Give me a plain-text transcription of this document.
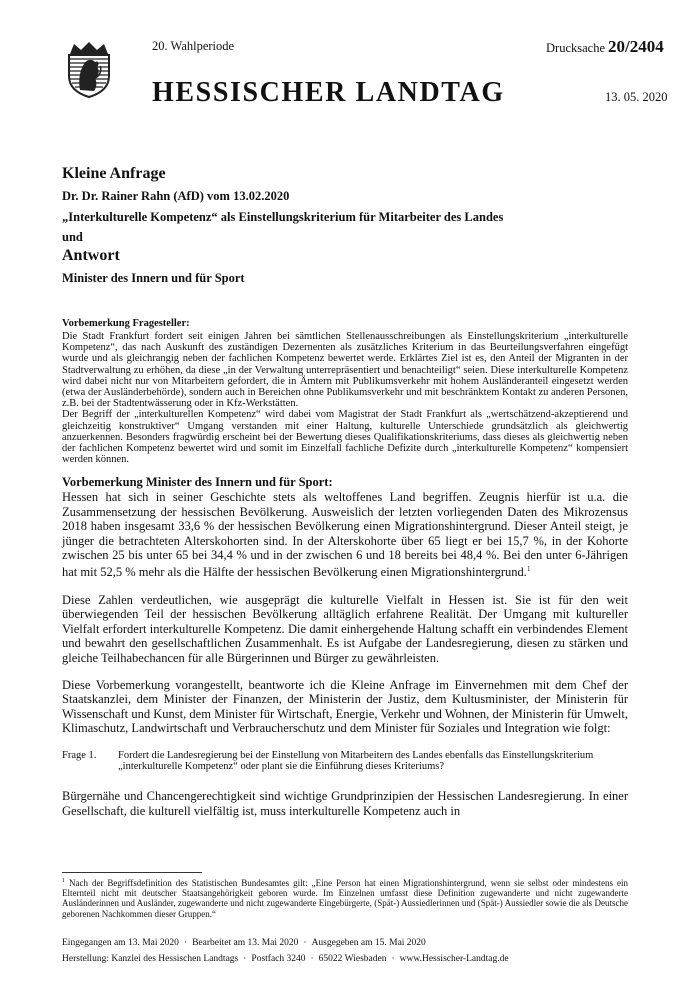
20. Wahlperiode	Drucksache 20/2404
HESSISCHER LANDTAG	13. 05. 2020

Kleine Anfrage

Dr. Dr. Rainer Rahn (AfD) vom 13.02.2020

„Interkulturelle Kompetenz“ als Einstellungskriterium für Mitarbeiter des Landes

und

Antwort

Minister des Innern und für Sport

Vorbemerkung Fragesteller:

Die Stadt Frankfurt fordert seit einigen Jahren bei sämtlichen Stellenausschreibungen als Einstellungskriterium „interkulturelle Kompetenz“, das nach Auskunft des zuständigen Dezernenten als zusätzliches Kriterium in das Beurteilungsverfahren eingefügt wurde und als gleichrangig neben der fachlichen Kompetenz bewertet werde. Erklärtes Ziel ist es, den Anteil der Migranten in der Stadtverwaltung zu erhöhen, da diese „in der Verwaltung unterrepräsentiert und benachteiligt“ seien. Diese interkulturelle Kompetenz wird dabei nicht nur von Mitarbeitern gefordert, die in Ämtern mit Publikumsverkehr mit hohem Ausländeranteil eingesetzt werden (etwa der Ausländerbehörde), sondern auch in Bereichen ohne Publikumsverkehr und mit beschränktem Kontakt zu anderen Personen, z.B. bei der Stadtentwässerung oder in Kfz-Werkstätten.

Der Begriff der „interkulturellen Kompetenz“ wird dabei vom Magistrat der Stadt Frankfurt als „wertschätzend-akzeptierend und gleichzeitig konstruktiver“ Umgang verstanden mit einer Haltung, kulturelle Unterschiede grundsätzlich als gleichwertig anzuerkennen. Besonders fragwürdig erscheint bei der Bewertung dieses Qualifikationskriteriums, dass dieses als gleichwertig neben der fachlichen Kompetenz bewertet wird und somit im Einzelfall fachliche Defizite durch „interkulturelle Kompetenz“ kompensiert werden können.

Vorbemerkung Minister des Innern und für Sport:

Hessen hat sich in seiner Geschichte stets als weltoffenes Land begriffen. Zeugnis hierfür ist u.a. die Zusammensetzung der hessischen Bevölkerung. Ausweislich der letzten vorliegenden Daten des Mikrozensus 2018 haben insgesamt 33,6 % der hessischen Bevölkerung einen Migrationshintergrund. Dieser Anteil steigt, je jünger die betrachteten Alterskohorten sind. In der Alterskohorte über 65 liegt er bei 15,7 %, in der Kohorte zwischen 25 bis unter 65 bei 34,4 % und in der zwischen 6 und 18 bereits bei 48,4 %. Bei den unter 6-Jährigen hat mit 52,5 % mehr als die Hälfte der hessischen Bevölkerung einen Migrationshintergrund.$^1$

Diese Zahlen verdeutlichen, wie ausgeprägt die kulturelle Vielfalt in Hessen ist. Sie ist für den weit überwiegenden Teil der hessischen Bevölkerung alltäglich erfahrene Realität. Der Umgang mit kultureller Vielfalt erfordert interkulturelle Kompetenz. Die damit einhergehende Haltung schafft ein verbindendes Element und bewahrt den gesellschaftlichen Zusammenhalt. Es ist Aufgabe der Landesregierung, diesen zu stärken und gleiche Teilhabechancen für alle Bürgerinnen und Bürger zu gewährleisten.

Diese Vorbemerkung vorangestellt, beantworte ich die Kleine Anfrage im Einvernehmen mit dem Chef der Staatskanzlei, dem Minister der Finanzen, der Ministerin der Justiz, dem Kultusminister, der Ministerin für Wissenschaft und Kunst, dem Minister für Wirtschaft, Energie, Verkehr und Wohnen, der Ministerin für Umwelt, Klimaschutz, Landwirtschaft und Verbraucherschutz und dem Minister für Soziales und Integration wie folgt:

Frage 1.	Fordert die Landesregierung bei der Einstellung von Mitarbeitern des Landes ebenfalls das Einstellungskriterium „interkulturelle Kompetenz“ oder plant sie die Einführung dieses Kriteriums?

Bürgernähe und Chancengerechtigkeit sind wichtige Grundprinzipien der Hessischen Landesregierung. In einer Gesellschaft, die kulturell vielfältig ist, muss interkulturelle Kompetenz auch in

$^1$ Nach der Begriffsdefinition des Statistischen Bundesamtes gilt: „Eine Person hat einen Migrationshintergrund, wenn sie selbst oder mindestens ein Elternteil nicht mit deutscher Staatsangehörigkeit geboren wurde. Im Einzelnen umfasst diese Definition zugewanderte und nicht zugewanderte Ausländerinnen und Ausländer, zugewanderte und nicht zugewanderte Eingebürgerte, (Spät-) Aussiedlerinnen und (Spät-) Aussiedler sowie die als Deutsche geborenen Nachkommen dieser Gruppen.“
Eingegangen am 13. Mai 2020 · Bearbeitet am 13. Mai 2020 · Ausgegeben am 15. Mai 2020
Herstellung: Kanzlei des Hessischen Landtags · Postfach 3240 · 65022 Wiesbaden · www.Hessischer-Landtag.de
